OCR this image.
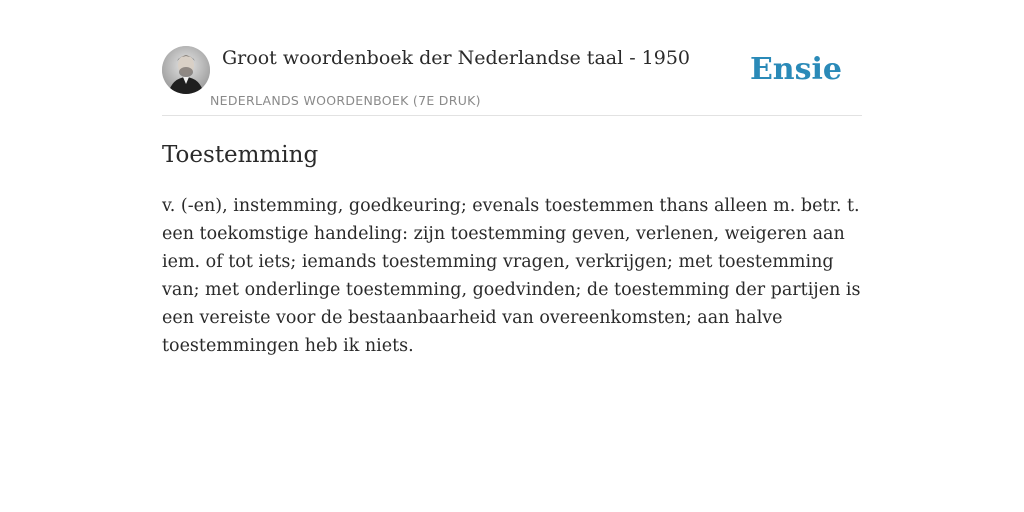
Groot woordenboek der Nederlandse taal - 1950
NEDERLANDS WOORDENBOEK (7E DRUK)
Ensie
Toestemming

v. (-en), instemming, goedkeuring; evenals toestemmen thans alleen m. betr. t. een toekomstige handeling: zijn toestemming geven, verlenen, weigeren aan iem. of tot iets; iemands toestemming vragen, verkrijgen; met toestemming van; met onderlinge toestemming, goedvinden; de toestemming der partijen is een vereiste voor de bestaanbaarheid van overeenkomsten; aan halve toestemmingen heb ik niets.
